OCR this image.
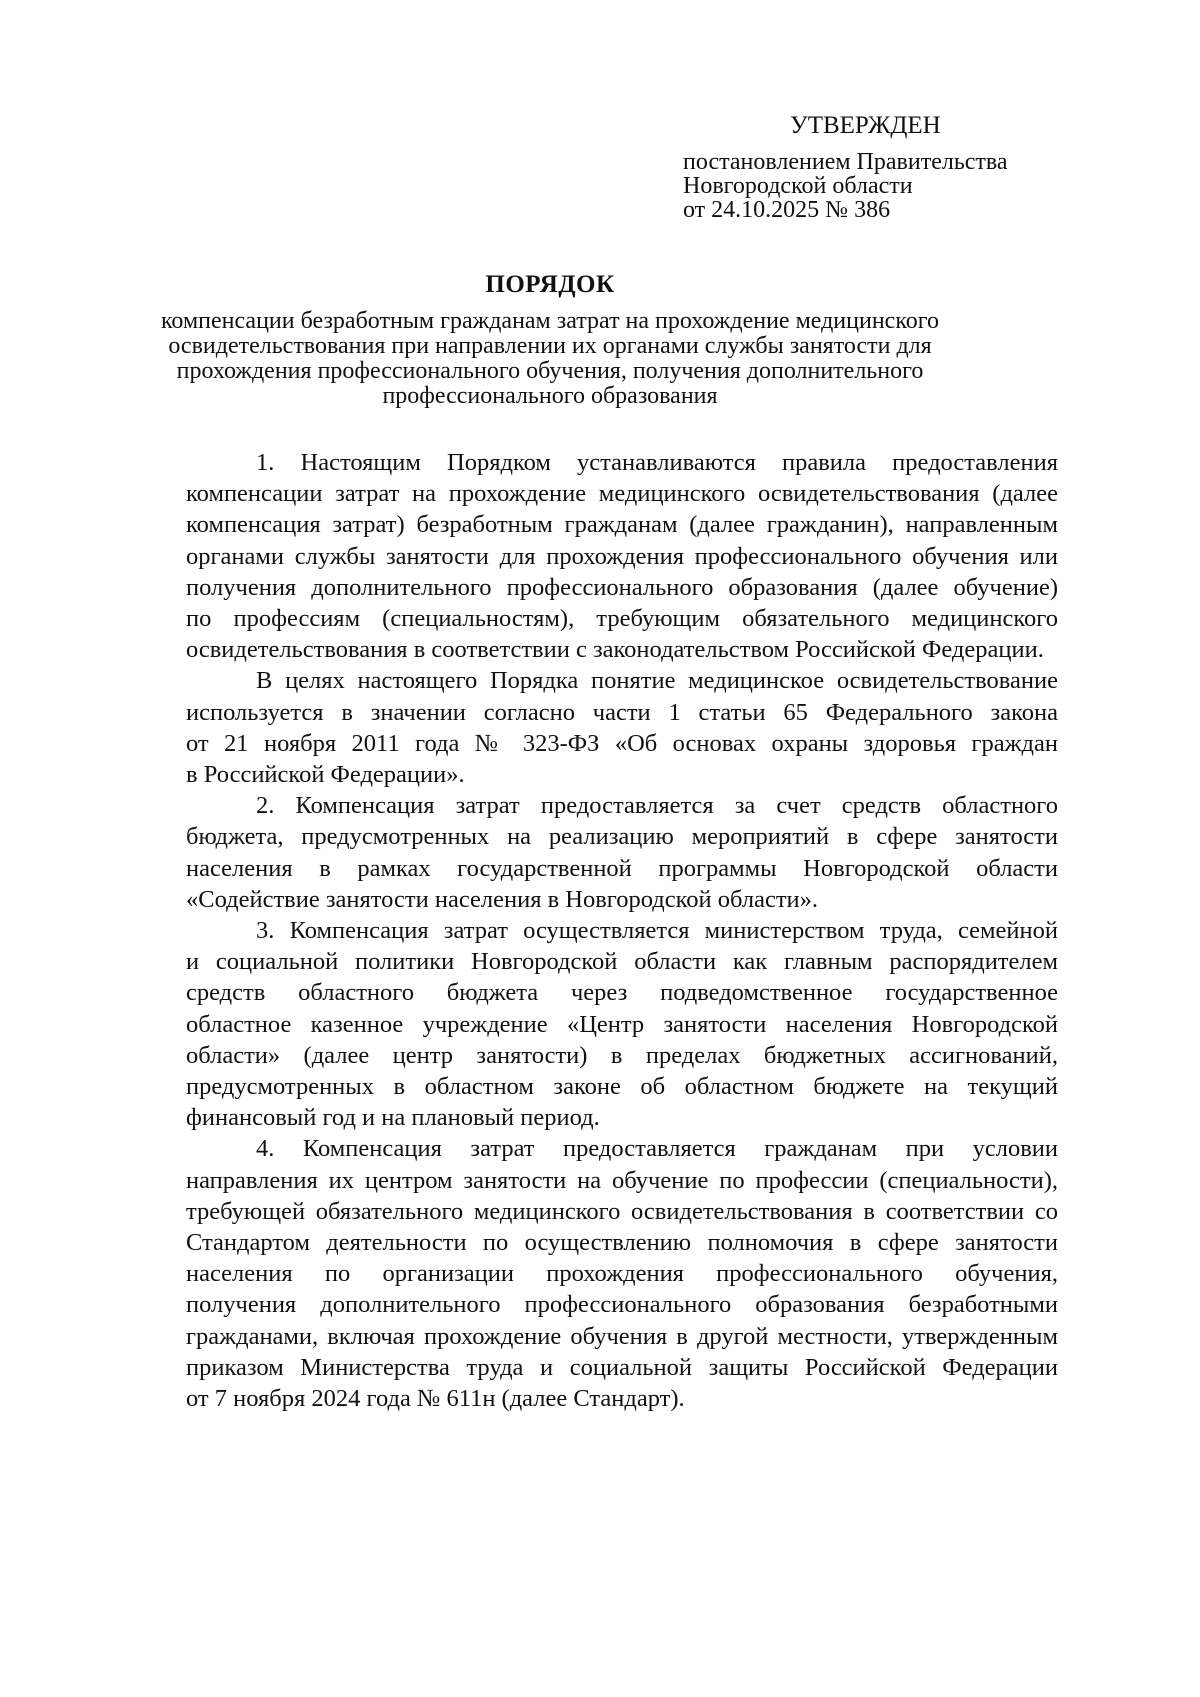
УТВЕРЖДЕН
постановлением Правительства
Новгородской области
от 24.10.2025 № 386
ПОРЯДОК
компенсации безработным гражданам затрат на прохождение медицинского
освидетельствования при направлении их органами службы занятости для
прохождения профессионального обучения, получения дополнительного
профессионального образования
1. Настоящим Порядком устанавливаются правила предоставления
компенсации затрат на прохождение медицинского освидетельствования (далее
компенсация затрат) безработным гражданам (далее гражданин), направленным
органами службы занятости для прохождения профессионального обучения или
получения дополнительного профессионального образования (далее обучение)
по профессиям (специальностям), требующим обязательного медицинского
освидетельствования в соответствии с законодательством Российской Федерации.
В целях настоящего Порядка понятие медицинское освидетельствование
используется в значении согласно части 1 статьи 65 Федерального закона
от 21 ноября 2011 года № 323-ФЗ «Об основах охраны здоровья граждан
в Российской Федерации».
2. Компенсация затрат предоставляется за счет средств областного
бюджета, предусмотренных на реализацию мероприятий в сфере занятости
населения в рамках государственной программы Новгородской области
«Содействие занятости населения в Новгородской области».
3. Компенсация затрат осуществляется министерством труда, семейной
и социальной политики Новгородской области как главным распорядителем
средств областного бюджета через подведомственное государственное
областное казенное учреждение «Центр занятости населения Новгородской
области» (далее центр занятости) в пределах бюджетных ассигнований,
предусмотренных в областном законе об областном бюджете на текущий
финансовый год и на плановый период.
4. Компенсация затрат предоставляется гражданам при условии
направления их центром занятости на обучение по профессии (специальности),
требующей обязательного медицинского освидетельствования в соответствии со
Стандартом деятельности по осуществлению полномочия в сфере занятости
населения по организации прохождения профессионального обучения,
получения дополнительного профессионального образования безработными
гражданами, включая прохождение обучения в другой местности, утвержденным
приказом Министерства труда и социальной защиты Российской Федерации
от 7 ноября 2024 года № 611н (далее Стандарт).
